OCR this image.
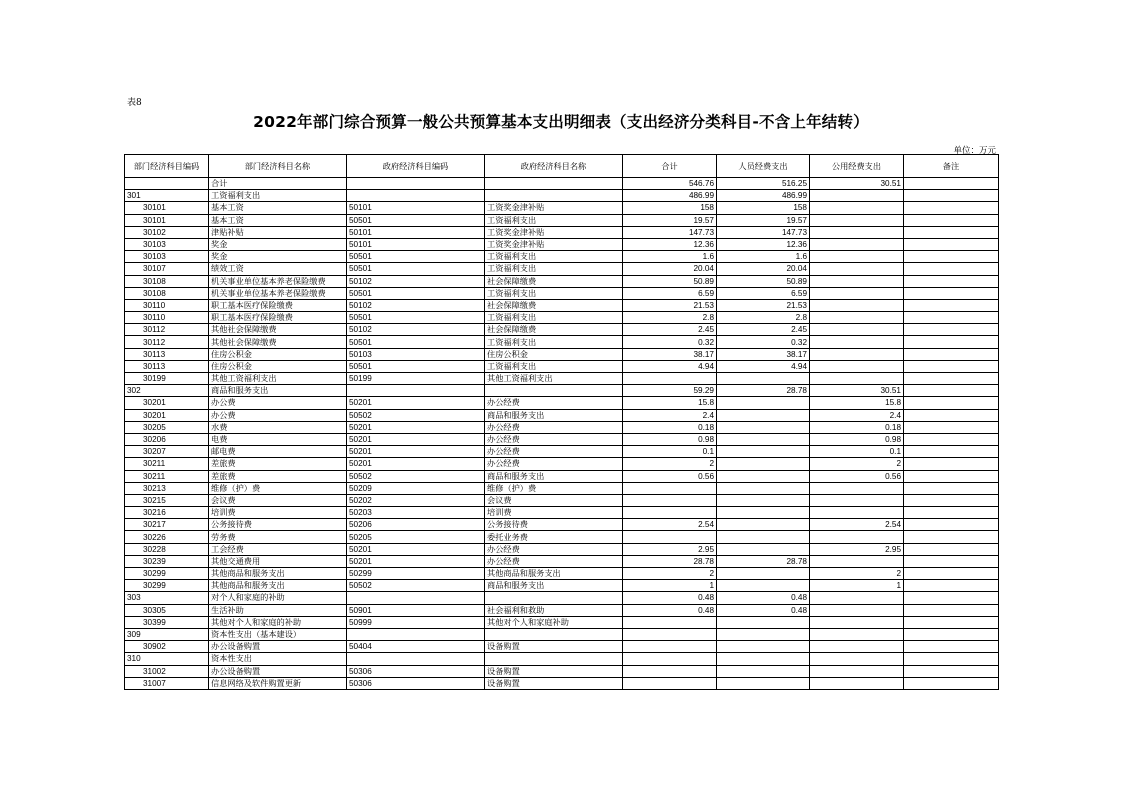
表8
2022年部门综合预算一般公共预算基本支出明细表（支出经济分类科目-不含上年结转）
单位：万元
部门经济科目编码	部门经济科目名称	政府经济科目编码	政府经济科目名称	合计	人员经费支出	公用经费支出	备注
	合计			546.76	516.25	30.51	
301	工资福利支出			486.99	486.99		
30101	基本工资	50101	工资奖金津补贴	158	158		
30101	基本工资	50501	工资福利支出	19.57	19.57		
30102	津贴补贴	50101	工资奖金津补贴	147.73	147.73		
30103	奖金	50101	工资奖金津补贴	12.36	12.36		
30103	奖金	50501	工资福利支出	1.6	1.6		
30107	绩效工资	50501	工资福利支出	20.04	20.04		
30108	机关事业单位基本养老保险缴费	50102	社会保障缴费	50.89	50.89		
30108	机关事业单位基本养老保险缴费	50501	工资福利支出	6.59	6.59		
30110	职工基本医疗保险缴费	50102	社会保障缴费	21.53	21.53		
30110	职工基本医疗保险缴费	50501	工资福利支出	2.8	2.8		
30112	其他社会保障缴费	50102	社会保障缴费	2.45	2.45		
30112	其他社会保障缴费	50501	工资福利支出	0.32	0.32		
30113	住房公积金	50103	住房公积金	38.17	38.17		
30113	住房公积金	50501	工资福利支出	4.94	4.94		
30199	其他工资福利支出	50199	其他工资福利支出				
302	商品和服务支出			59.29	28.78	30.51	
30201	办公费	50201	办公经费	15.8		15.8	
30201	办公费	50502	商品和服务支出	2.4		2.4	
30205	水费	50201	办公经费	0.18		0.18	
30206	电费	50201	办公经费	0.98		0.98	
30207	邮电费	50201	办公经费	0.1		0.1	
30211	差旅费	50201	办公经费	2		2	
30211	差旅费	50502	商品和服务支出	0.56		0.56	
30213	维修（护）费	50209	维修（护）费				
30215	会议费	50202	会议费				
30216	培训费	50203	培训费				
30217	公务接待费	50206	公务接待费	2.54		2.54	
30226	劳务费	50205	委托业务费				
30228	工会经费	50201	办公经费	2.95		2.95	
30239	其他交通费用	50201	办公经费	28.78	28.78		
30299	其他商品和服务支出	50299	其他商品和服务支出	2		2	
30299	其他商品和服务支出	50502	商品和服务支出	1		1	
303	对个人和家庭的补助			0.48	0.48		
30305	生活补助	50901	社会福利和救助	0.48	0.48		
30399	其他对个人和家庭的补助	50999	其他对个人和家庭补助				
309	资本性支出（基本建设）						
30902	办公设备购置	50404	设备购置				
310	资本性支出						
31002	办公设备购置	50306	设备购置				
31007	信息网络及软件购置更新	50306	设备购置				
